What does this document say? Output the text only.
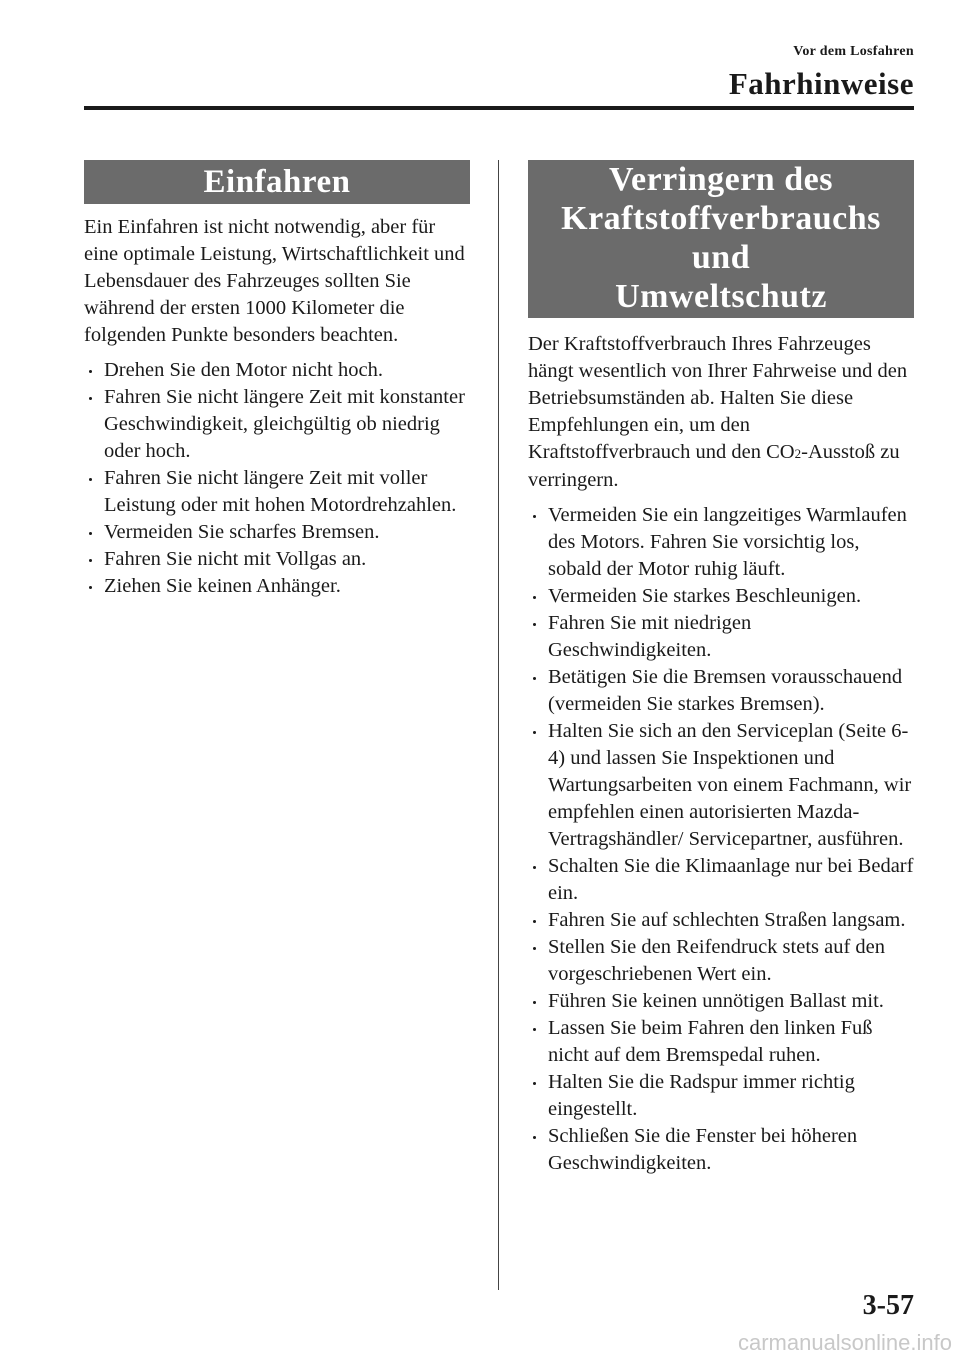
Vor dem Losfahren
Fahrhinweise
Einfahren

Ein Einfahren ist nicht notwendig, aber für eine optimale Leistung, Wirtschaftlichkeit und Lebensdauer des Fahrzeuges sollten Sie während der ersten 1000 Kilometer die folgenden Punkte besonders beachten.

Drehen Sie den Motor nicht hoch.
Fahren Sie nicht längere Zeit mit konstanter Geschwindigkeit, gleichgültig ob niedrig oder hoch.
Fahren Sie nicht längere Zeit mit voller Leistung oder mit hohen Motordrehzahlen.
Vermeiden Sie scharfes Bremsen.
Fahren Sie nicht mit Vollgas an.
Ziehen Sie keinen Anhänger.
Verringern des
Kraftstoffverbrauchs und
Umweltschutz

Der Kraftstoffverbrauch Ihres Fahrzeuges hängt wesentlich von Ihrer Fahrweise und den Betriebsumständen ab. Halten Sie diese Empfehlungen ein, um den Kraftstoffverbrauch und den CO2-Ausstoß zu verringern.

Vermeiden Sie ein langzeitiges Warmlaufen des Motors. Fahren Sie vorsichtig los, sobald der Motor ruhig läuft.
Vermeiden Sie starkes Beschleunigen.
Fahren Sie mit niedrigen Geschwindigkeiten.
Betätigen Sie die Bremsen vorausschauend (vermeiden Sie starkes Bremsen).
Halten Sie sich an den Serviceplan (Seite 6-4) und lassen Sie Inspektionen und Wartungsarbeiten von einem Fachmann, wir empfehlen einen autorisierten Mazda-Vertragshändler/ Servicepartner, ausführen.
Schalten Sie die Klimaanlage nur bei Bedarf ein.
Fahren Sie auf schlechten Straßen langsam.
Stellen Sie den Reifendruck stets auf den vorgeschriebenen Wert ein.
Führen Sie keinen unnötigen Ballast mit.
Lassen Sie beim Fahren den linken Fuß nicht auf dem Bremspedal ruhen.
Halten Sie die Radspur immer richtig eingestellt.
Schließen Sie die Fenster bei höheren Geschwindigkeiten.
3-57
carmanualsonline.info
